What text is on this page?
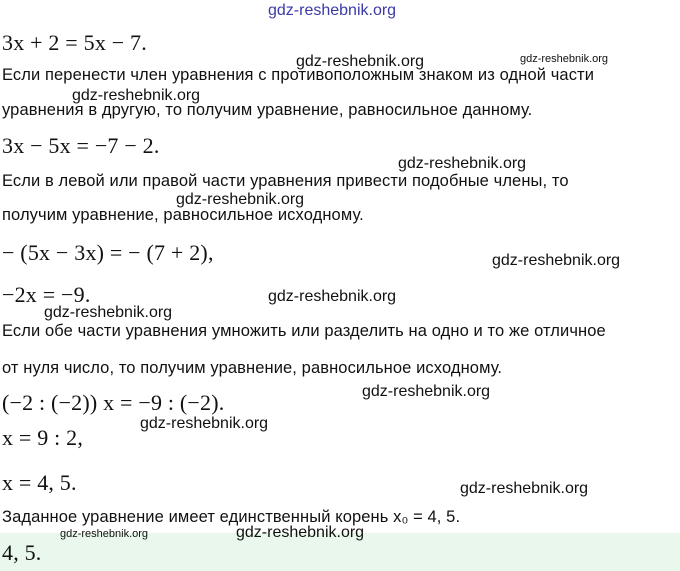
3x + 2 = 5x − 7.

Если перенести член уравнения с противоположным знаком из одной части

уравнения в другую, то получим уравнение, равносильное данному.

3x − 5x = −7 − 2.

Если в левой или правой части уравнения привести подобные члены, то

получим уравнение, равносильное исходному.

− (5x − 3x) = − (7 + 2),

−2x = −9.

Если обе части уравнения умножить или разделить на одно и то же отличное

от нуля число, то получим уравнение, равносильное исходному.

(−2 : (−2)) x = −9 : (−2).

x = 9 : 2,

x = 4, 5.

Заданное уравнение имеет единственный корень x₀ = 4, 5.

4, 5.

gdz-reshebnik.org
gdz-reshebnik.org	gdz-reshebnik.org
gdz-reshebnik.org
gdz-reshebnik.org
gdz-reshebnik.org
gdz-reshebnik.org
gdz-reshebnik.org
gdz-reshebnik.org
gdz-reshebnik.org
gdz-reshebnik.org
gdz-reshebnik.org
gdz-reshebnik.org	gdz-reshebnik.org
